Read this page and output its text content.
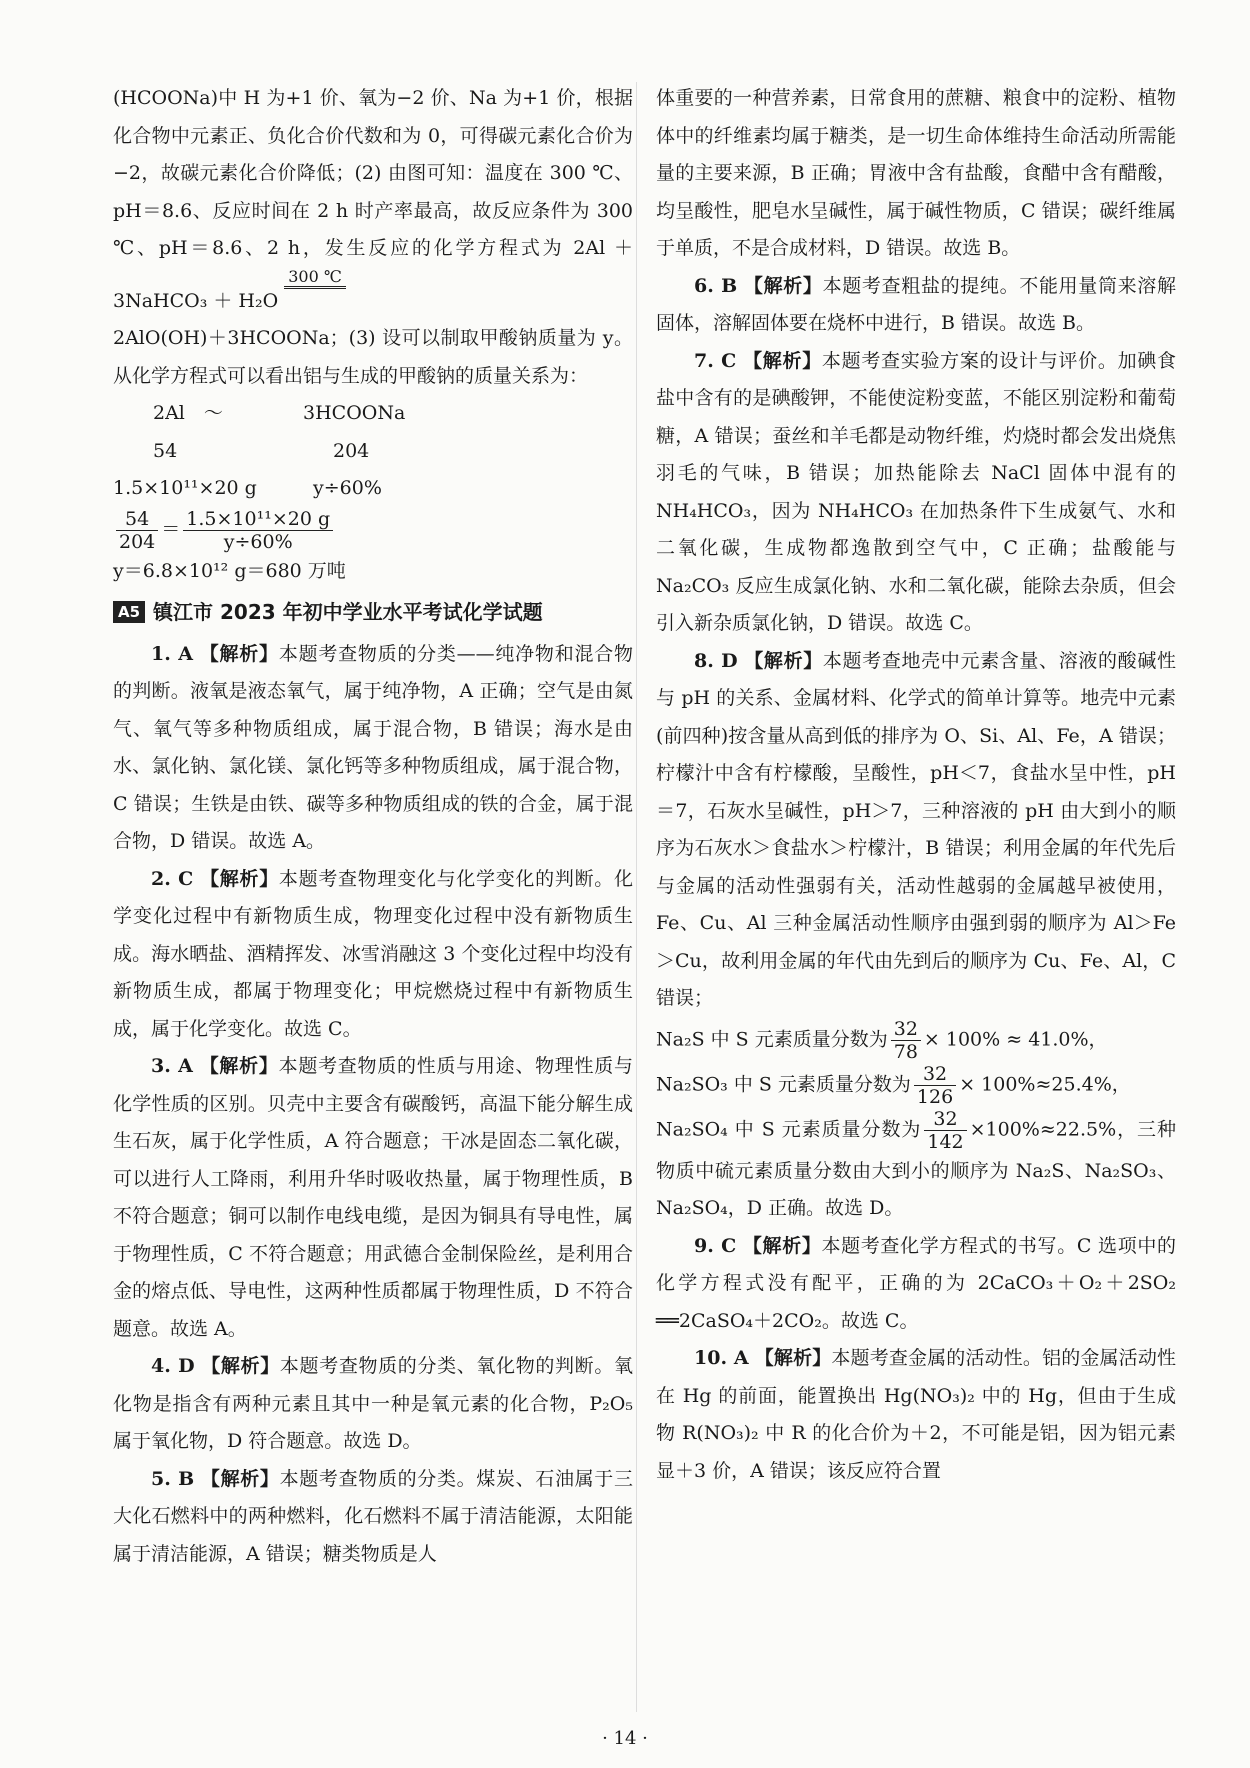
(HCOONa)中 H 为+1 价、氧为−2 价、Na 为+1 价，根据化合物中元素正、负化合价代数和为 0，可得碳元素化合价为−2，故碳元素化合价降低；(2) 由图可知：温度在 300 ℃、pH＝8.6、反应时间在 2 h 时产率最高，故反应条件为 300 ℃、pH＝8.6、2 h，发生反应的化学方程式为 2Al ＋ 3NaHCO₃ ＋ H₂O
300 ℃

2AlO(OH)＋3HCOONa；(3) 设可以制取甲酸钠质量为 y。从化学方程式可以看出铝与生成的甲酸钠的质量关系为：

2Al　～	3HCOONa
54	204
1.5×10¹¹×20 g	y÷60%
$\frac{54}{204} = \frac{\text{1.5×10¹¹×20 g}}{y\div 60\%}$

y＝6.8×10¹² g＝680 万吨

A5 镇江市 2023 年初中学业水平考试化学试题

1. A 【解析】本题考查物质的分类——纯净物和混合物的判断。液氧是液态氧气，属于纯净物，A 正确；空气是由氮气、氧气等多种物质组成，属于混合物，B 错误；海水是由水、氯化钠、氯化镁、氯化钙等多种物质组成，属于混合物，C 错误；生铁是由铁、碳等多种物质组成的铁的合金，属于混合物，D 错误。故选 A。

2. C 【解析】本题考查物理变化与化学变化的判断。化学变化过程中有新物质生成，物理变化过程中没有新物质生成。海水晒盐、酒精挥发、冰雪消融这 3 个变化过程中均没有新物质生成，都属于物理变化；甲烷燃烧过程中有新物质生成，属于化学变化。故选 C。

3. A 【解析】本题考查物质的性质与用途、物理性质与化学性质的区别。贝壳中主要含有碳酸钙，高温下能分解生成生石灰，属于化学性质，A 符合题意；干冰是固态二氧化碳，可以进行人工降雨，利用升华时吸收热量，属于物理性质，B 不符合题意；铜可以制作电线电缆，是因为铜具有导电性，属于物理性质，C 不符合题意；用武德合金制保险丝，是利用合金的熔点低、导电性，这两种性质都属于物理性质，D 不符合题意。故选 A。

4. D 【解析】本题考查物质的分类、氧化物的判断。氧化物是指含有两种元素且其中一种是氧元素的化合物，P₂O₅ 属于氧化物，D 符合题意。故选 D。

5. B 【解析】本题考查物质的分类。煤炭、石油属于三大化石燃料中的两种燃料，化石燃料不属于清洁能源，太阳能属于清洁能源，A 错误；糖类物质是人

体重要的一种营养素，日常食用的蔗糖、粮食中的淀粉、植物体中的纤维素均属于糖类，是一切生命体维持生命活动所需能量的主要来源，B 正确；胃液中含有盐酸，食醋中含有醋酸，均呈酸性，肥皂水呈碱性，属于碱性物质，C 错误；碳纤维属于单质，不是合成材料，D 错误。故选 B。

6. B 【解析】本题考查粗盐的提纯。不能用量筒来溶解固体，溶解固体要在烧杯中进行，B 错误。故选 B。

7. C 【解析】本题考查实验方案的设计与评价。加碘食盐中含有的是碘酸钾，不能使淀粉变蓝，不能区别淀粉和葡萄糖，A 错误；蚕丝和羊毛都是动物纤维，灼烧时都会发出烧焦羽毛的气味，B 错误；加热能除去 NaCl 固体中混有的 NH₄HCO₃，因为 NH₄HCO₃ 在加热条件下生成氨气、水和二氧化碳，生成物都逸散到空气中，C 正确；盐酸能与 Na₂CO₃ 反应生成氯化钠、水和二氧化碳，能除去杂质，但会引入新杂质氯化钠，D 错误。故选 C。

8. D 【解析】本题考查地壳中元素含量、溶液的酸碱性与 pH 的关系、金属材料、化学式的简单计算等。地壳中元素(前四种)按含量从高到低的排序为 O、Si、Al、Fe，A 错误；柠檬汁中含有柠檬酸，呈酸性，pH＜7，食盐水呈中性，pH＝7，石灰水呈碱性，pH＞7，三种溶液的 pH 由大到小的顺序为石灰水＞食盐水＞柠檬汁，B 错误；利用金属的年代先后与金属的活动性强弱有关，活动性越弱的金属越早被使用，Fe、Cu、Al 三种金属活动性顺序由强到弱的顺序为 Al＞Fe＞Cu，故利用金属的年代由先到后的顺序为 Cu、Fe、Al，C 错误；

Na₂S 中 S 元素质量分数为 $\frac{32}{78} \times 100\% \approx 41.0\%$，
Na₂SO₃ 中 S 元素质量分数为 $\frac{32}{126} \times 100\%\approx 25.4\%$，
Na₂SO₄ 中 S 元素质量分数为 $\frac{32}{142} \times 100\%\approx 22.5\%$，三种物质中硫元素质量分数由大到小的顺序为 Na₂S、Na₂SO₃、Na₂SO₄，D 正确。故选 D。

9. C 【解析】本题考查化学方程式的书写。C 选项中的化学方程式没有配平，正确的为 2CaCO₃＋O₂＋2SO₂ ══2CaSO₄＋2CO₂。故选 C。

10. A 【解析】本题考查金属的活动性。铝的金属活动性在 Hg 的前面，能置换出 Hg(NO₃)₂ 中的 Hg，但由于生成物 R(NO₃)₂ 中 R 的化合价为＋2，不可能是铝，因为铝元素显＋3 价，A 错误；该反应符合置

· 14 ·
